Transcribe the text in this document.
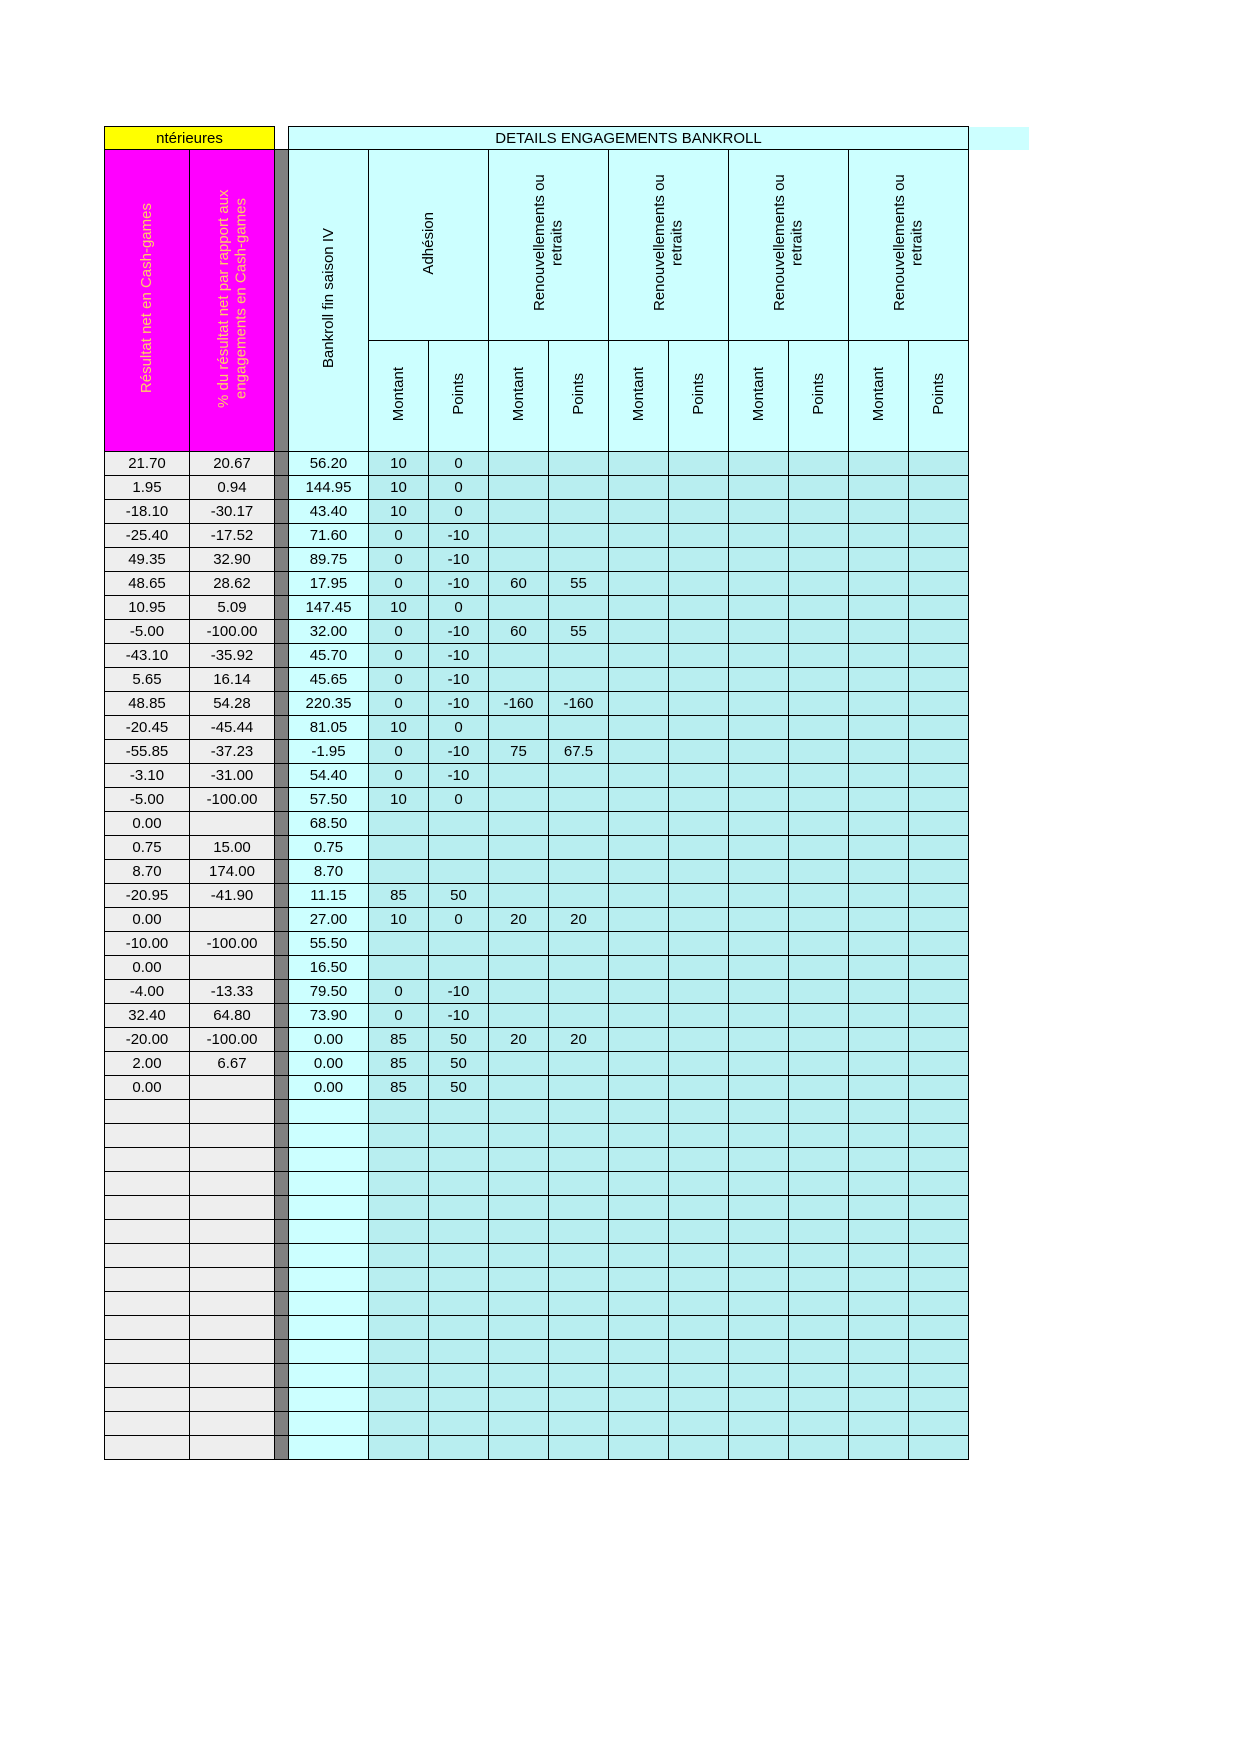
ntérieures			DETAILS ENGAGEMENTS BANKROLL											
Résultat net en Cash-games	% du résultat net par rapport aux engagements en Cash-games		Bankroll fin saison IV	Adhésion		Renouvellements ou retraits		Renouvellements ou retraits		Renouvellements ou retraits		Renouvellements ou retraits		
				Montant	Points	Montant	Points	Montant	Points	Montant	Points	Montant	Points	
21.70	20.67		56.20	10	0									
1.95	0.94		144.95	10	0									
-18.10	-30.17		43.40	10	0									
-25.40	-17.52		71.60	0	-10									
49.35	32.90		89.75	0	-10									
48.65	28.62		17.95	0	-10	60	55							
10.95	5.09		147.45	10	0									
-5.00	-100.00		32.00	0	-10	60	55							
-43.10	-35.92		45.70	0	-10									
5.65	16.14		45.65	0	-10									
48.85	54.28		220.35	0	-10	-160	-160							
-20.45	-45.44		81.05	10	0									
-55.85	-37.23		-1.95	0	-10	75	67.5							
-3.10	-31.00		54.40	0	-10									
-5.00	-100.00		57.50	10	0									
0.00			68.50											
0.75	15.00		0.75											
8.70	174.00		8.70											
-20.95	-41.90		11.15	85	50									
0.00			27.00	10	0	20	20							
-10.00	-100.00		55.50											
0.00			16.50											
-4.00	-13.33		79.50	0	-10									
32.40	64.80		73.90	0	-10									
-20.00	-100.00		0.00	85	50	20	20							
2.00	6.67		0.00	85	50									
0.00			0.00	85	50									
